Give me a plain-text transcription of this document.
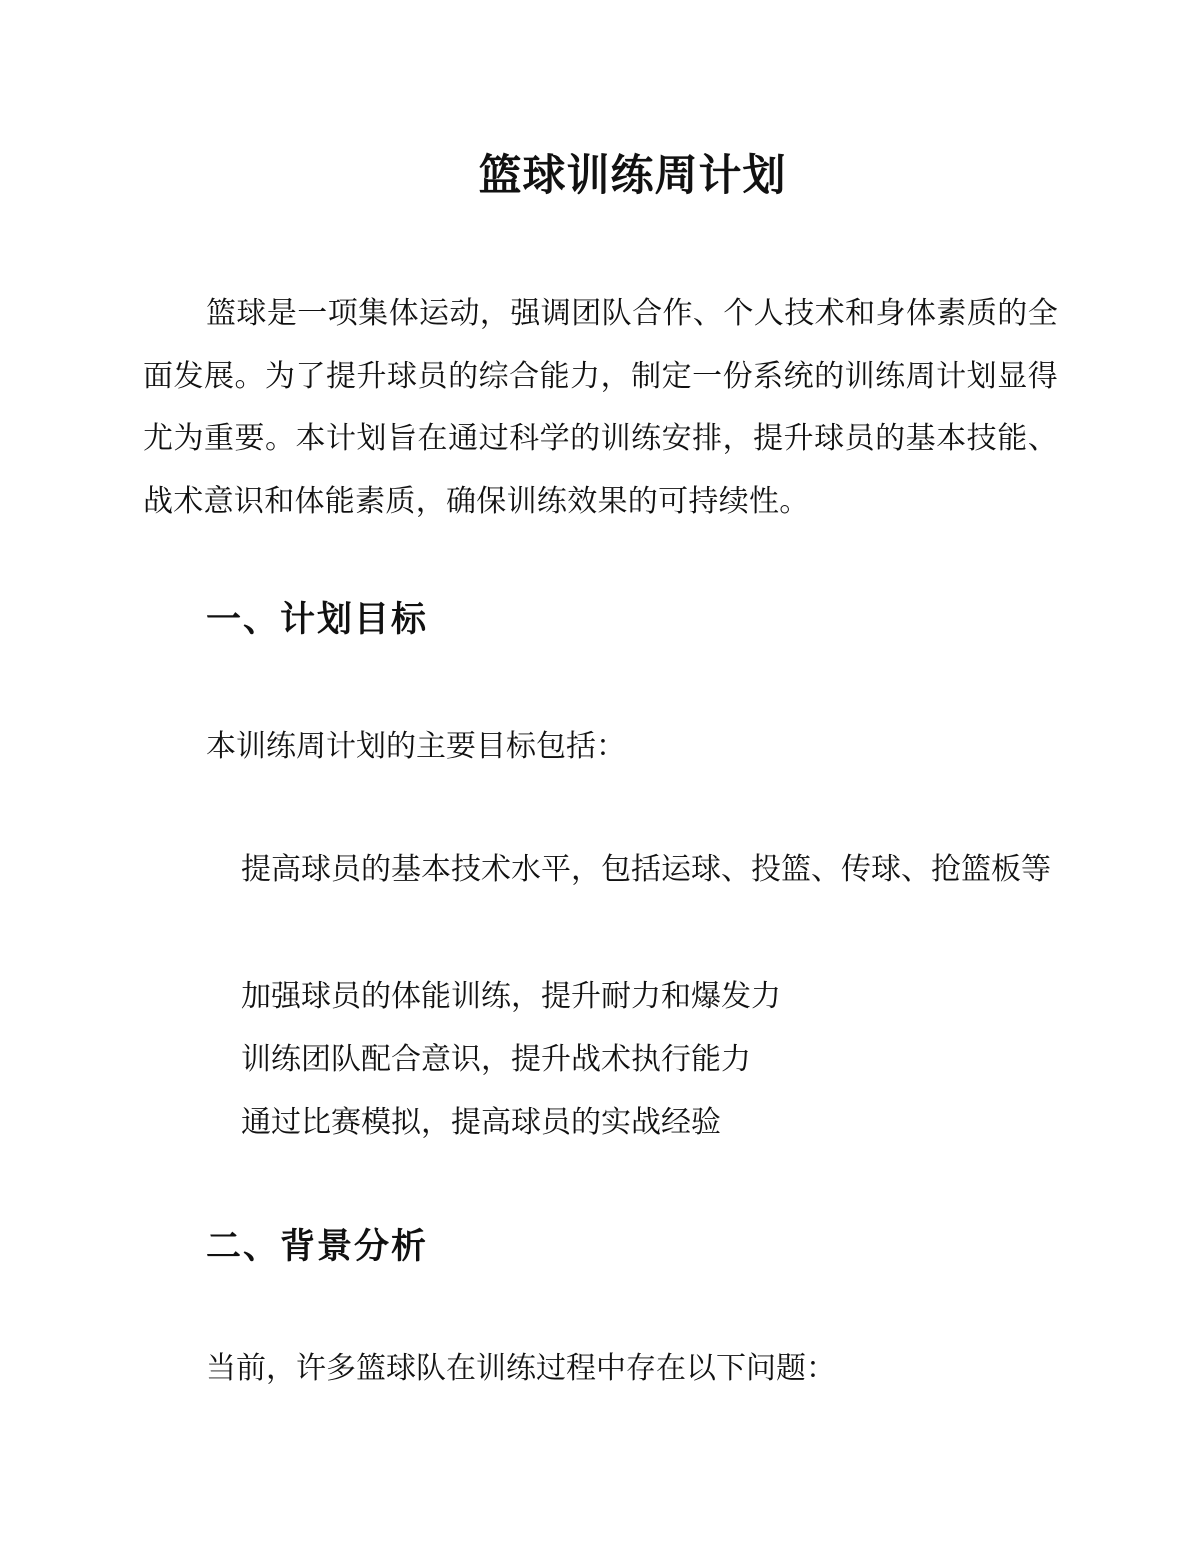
篮球训练周计划

篮球是一项集体运动，强调团队合作、个人技术和身体素质的全面发展。为了提升球员的综合能力，制定一份系统的训练周计划显得尤为重要。本计划旨在通过科学的训练安排，提升球员的基本技能、战术意识和体能素质，确保训练效果的可持续性。

一、计划目标

本训练周计划的主要目标包括：

提高球员的基本技术水平，包括运球、投篮、传球、抢篮板等
加强球员的体能训练，提升耐力和爆发力
训练团队配合意识，提升战术执行能力
通过比赛模拟，提高球员的实战经验
二、背景分析

当前，许多篮球队在训练过程中存在以下问题：
